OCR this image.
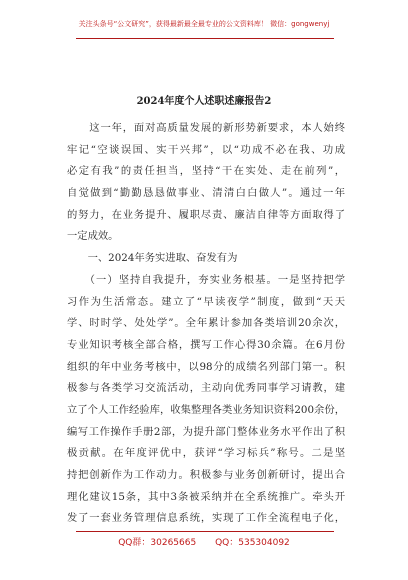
关注头条号“公文研究”，获得最新最全最专业的公文资料库！ 微信：gongwenyj
2024年度个人述职述廉报告2
　　这一年，面对高质量发展的新形势新要求，本人始终
牢记“空谈误国、实干兴邦”，以“功成不必在我、功成
必定有我”的责任担当，坚持“干在实处、走在前列”，
自觉做到“勤勤恳恳做事业、清清白白做人”。通过一年
的努力，在业务提升、履职尽责、廉洁自律等方面取得了
一定成效。
　　一、2024年务实进取、奋发有为
　　（一）坚持自我提升，夯实业务根基。一是坚持把学
习作为生活常态。建立了“早读夜学”制度，做到“天天
学、时时学、处处学”。全年累计参加各类培训20余次，
专业知识考核全部合格，撰写工作心得30余篇。在6月份
组织的年中业务考核中，以98分的成绩名列部门第一。积
极参与各类学习交流活动，主动向优秀同事学习请教，建
立了个人工作经验库，收集整理各类业务知识资料200余份，
编写工作操作手册2部，为提升部门整体业务水平作出了积
极贡献。在年度评优中，获评“学习标兵”称号。二是坚
持把创新作为工作动力。积极参与业务创新研讨，提出合
理化建议15条，其中3条被采纳并在全系统推广。牵头开
发了一套业务管理信息系统，实现了工作全流程电子化，
QQ群：30265665 QQ：535304092
